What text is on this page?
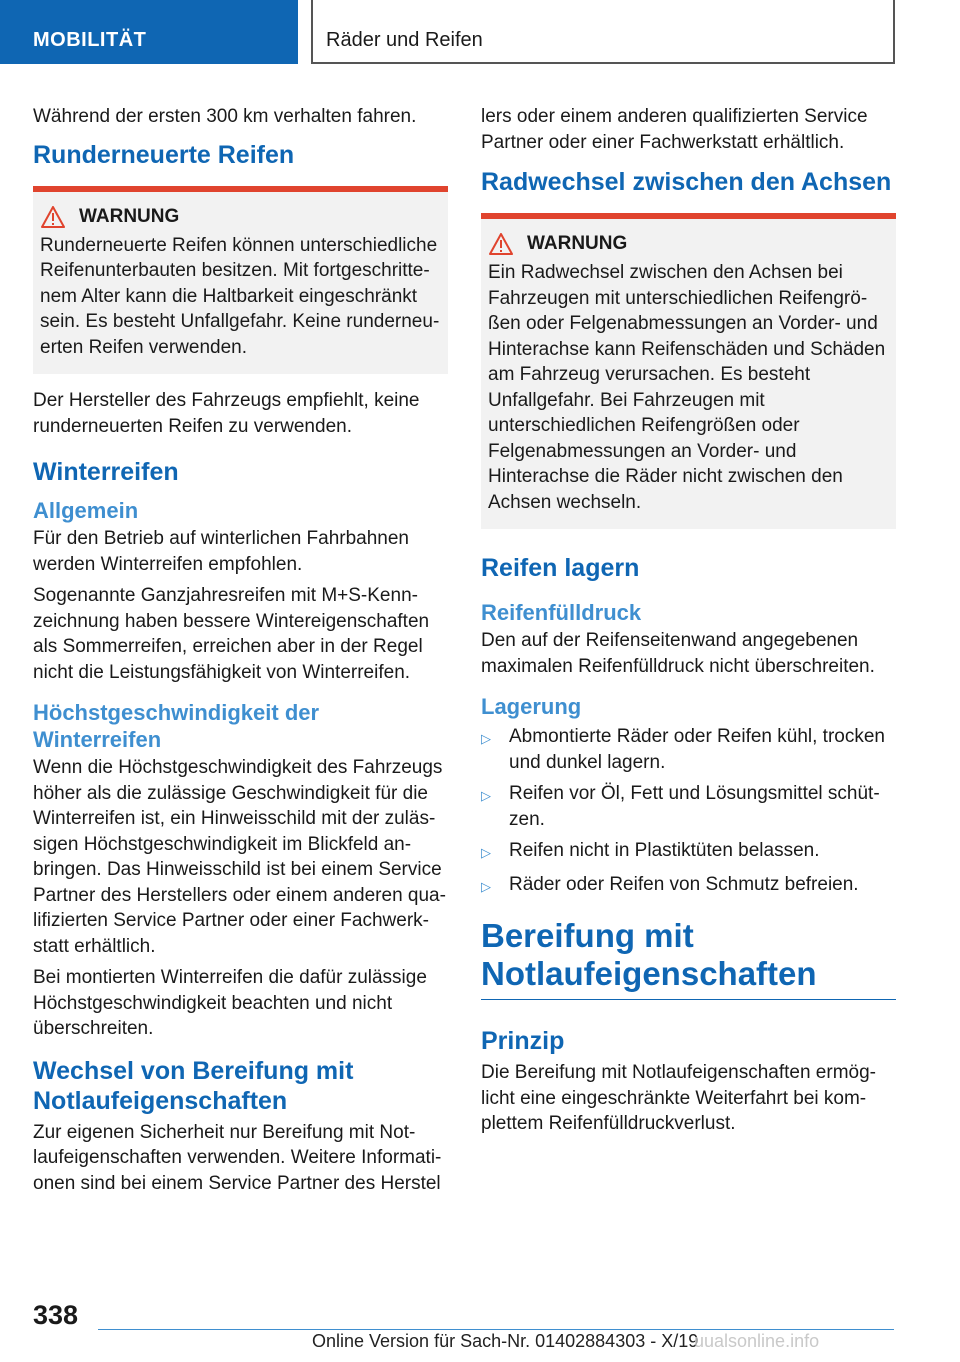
MOBILITÄT	Räder und Reifen

Während der ersten 300 km verhalten fahren.

Runderneuerte Reifen
WARNUNG

Runderneuerte Reifen können unterschiedliche Reifenunterbauten besitzen. Mit fortgeschrittenem Alter kann die Haltbarkeit eingeschränkt sein. Es besteht Unfallgefahr. Keine runderneuerten Reifen verwenden.

Der Hersteller des Fahrzeugs empfiehlt, keine runderneuerten Reifen zu verwenden.

Winterreifen
Allgemein

Für den Betrieb auf winterlichen Fahrbahnen werden Winterreifen empfohlen.

Sogenannte Ganzjahresreifen mit M+S-Kennzeichnung haben bessere Wintereigenschaften als Sommerreifen, erreichen aber in der Regel nicht die Leistungsfähigkeit von Winterreifen.

Höchstgeschwindigkeit der Winterreifen

Wenn die Höchstgeschwindigkeit des Fahrzeugs höher als die zulässige Geschwindigkeit für die Winterreifen ist, ein Hinweisschild mit der zulässigen Höchstgeschwindigkeit im Blickfeld anbringen. Das Hinweisschild ist bei einem Service Partner des Herstellers oder einem anderen qualifizierten Service Partner oder einer Fachwerkstatt erhältlich.

Bei montierten Winterreifen die dafür zulässige Höchstgeschwindigkeit beachten und nicht überschreiten.

Wechsel von Bereifung mit Notlaufeigenschaften

Zur eigenen Sicherheit nur Bereifung mit Notlaufeigenschaften verwenden. Weitere Informationen sind bei einem Service Partner des Herstel

lers oder einem anderen qualifizierten Service Partner oder einer Fachwerkstatt erhältlich.

Radwechsel zwischen den Achsen
WARNUNG

Ein Radwechsel zwischen den Achsen bei Fahrzeugen mit unterschiedlichen Reifengrößen oder Felgenabmessungen an Vorder- und Hinterachse kann Reifenschäden und Schäden am Fahrzeug verursachen. Es besteht Unfallgefahr. Bei Fahrzeugen mit unterschiedlichen Reifengrößen oder Felgenabmessungen an Vorder- und Hinterachse die Räder nicht zwischen den Achsen wechseln.

Reifen lagern
Reifenfülldruck

Den auf der Reifenseitenwand angegebenen maximalen Reifenfülldruck nicht überschreiten.

Lagerung
▷ Abmontierte Räder oder Reifen kühl, trocken und dunkel lagern.
▷ Reifen vor Öl, Fett und Lösungsmittel schützen.
▷ Reifen nicht in Plastiktüten belassen.
▷ Räder oder Reifen von Schmutz befreien.
Bereifung mit Notlaufeigenschaften
Prinzip

Die Bereifung mit Notlaufeigenschaften ermöglicht eine eingeschränkte Weiterfahrt bei komplettem Reifenfülldruckverlust.

338
Online Version für Sach-Nr. 01402884303 - X/19
uualsonline.info
